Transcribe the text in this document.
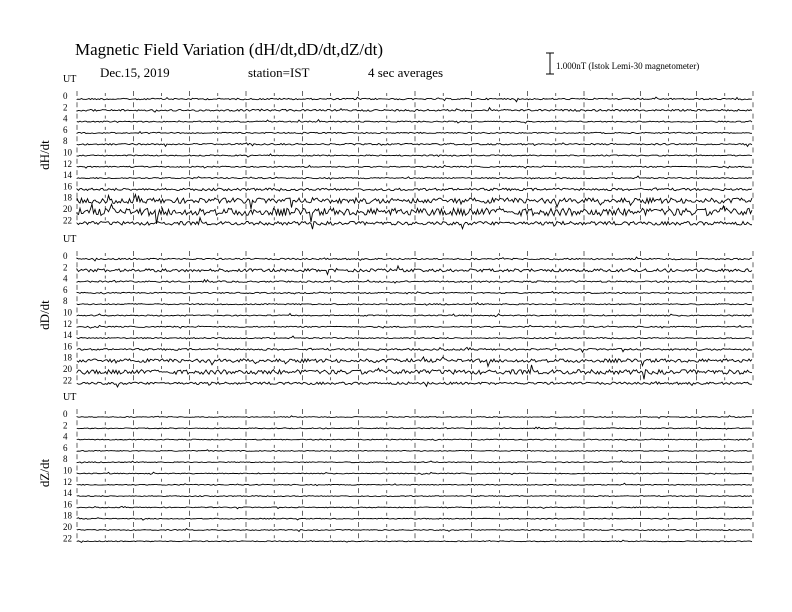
Magnetic Field Variation (dH/dt,dD/dt,dZ/dt)
Dec.15, 2019	station=IST	4 sec averages	1.000nT (Istok Lemi-30 magnetometer)
UT
dH/dt
0
2
4
6
8
10
12
14
16
18
20
22
UT
dD/dt
0
2
4
6
8
10
12
14
16
18
20
22
UT
dZ/dt
0
2
4
6
8
10
12
14
16
18
20
22
